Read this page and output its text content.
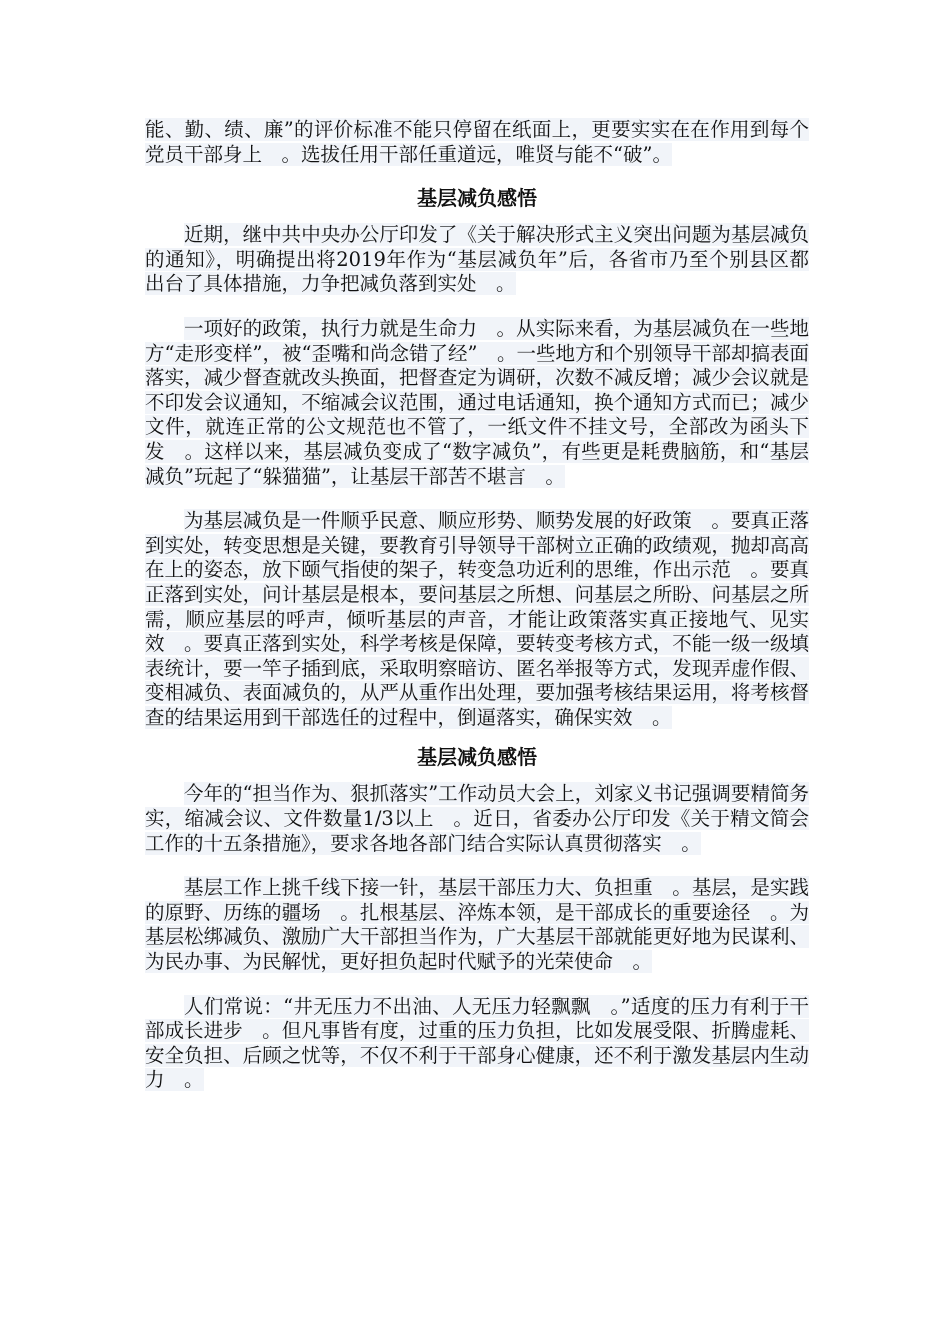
能、勤、绩、廉”的评价标准不能只停留在纸面上，更要实实在在作用到每个党员干部身上　。选拔任用干部任重道远，唯贤与能不“破”。

基层减负感悟

近期，继中共中央办公厅印发了《关于解决形式主义突出问题为基层减负的通知》，明确提出将2019年作为“基层减负年”后，各省市乃至个别县区都出台了具体措施，力争把减负落到实处　。

一项好的政策，执行力就是生命力　。从实际来看，为基层减负在一些地方“走形变样”，被“歪嘴和尚念错了经”　。一些地方和个别领导干部却搞表面落实，减少督查就改头换面，把督查定为调研，次数不减反增；减少会议就是不印发会议通知，不缩减会议范围，通过电话通知，换个通知方式而已；减少文件，就连正常的公文规范也不管了，一纸文件不挂文号，全部改为函头下发　。这样以来，基层减负变成了“数字减负”，有些更是耗费脑筋，和“基层减负”玩起了“躲猫猫”，让基层干部苦不堪言　。

为基层减负是一件顺乎民意、顺应形势、顺势发展的好政策　。要真正落到实处，转变思想是关键，要教育引导领导干部树立正确的政绩观，抛却高高在上的姿态，放下颐气指使的架子，转变急功近利的思维，作出示范　。要真正落到实处，问计基层是根本，要问基层之所想、问基层之所盼、问基层之所需，顺应基层的呼声，倾听基层的声音，才能让政策落实真正接地气、见实效　。要真正落到实处，科学考核是保障，要转变考核方式，不能一级一级填表统计，要一竿子插到底，采取明察暗访、匿名举报等方式，发现弄虚作假、变相减负、表面减负的，从严从重作出处理，要加强考核结果运用，将考核督查的结果运用到干部选任的过程中，倒逼落实，确保实效　。

基层减负感悟

今年的“担当作为、狠抓落实”工作动员大会上，刘家义书记强调要精简务实，缩减会议、文件数量1/3以上　。近日，省委办公厅印发《关于精文简会工作的十五条措施》，要求各地各部门结合实际认真贯彻落实　。

基层工作上挑千线下接一针，基层干部压力大、负担重　。基层，是实践的原野、历练的疆场　。扎根基层、淬炼本领，是干部成长的重要途径　。为基层松绑减负、激励广大干部担当作为，广大基层干部就能更好地为民谋利、为民办事、为民解忧，更好担负起时代赋予的光荣使命　。

人们常说：“井无压力不出油、人无压力轻飘飘　。”适度的压力有利于干部成长进步　。但凡事皆有度，过重的压力负担，比如发展受限、折腾虚耗、安全负担、后顾之忧等，不仅不利于干部身心健康，还不利于激发基层内生动力　。
